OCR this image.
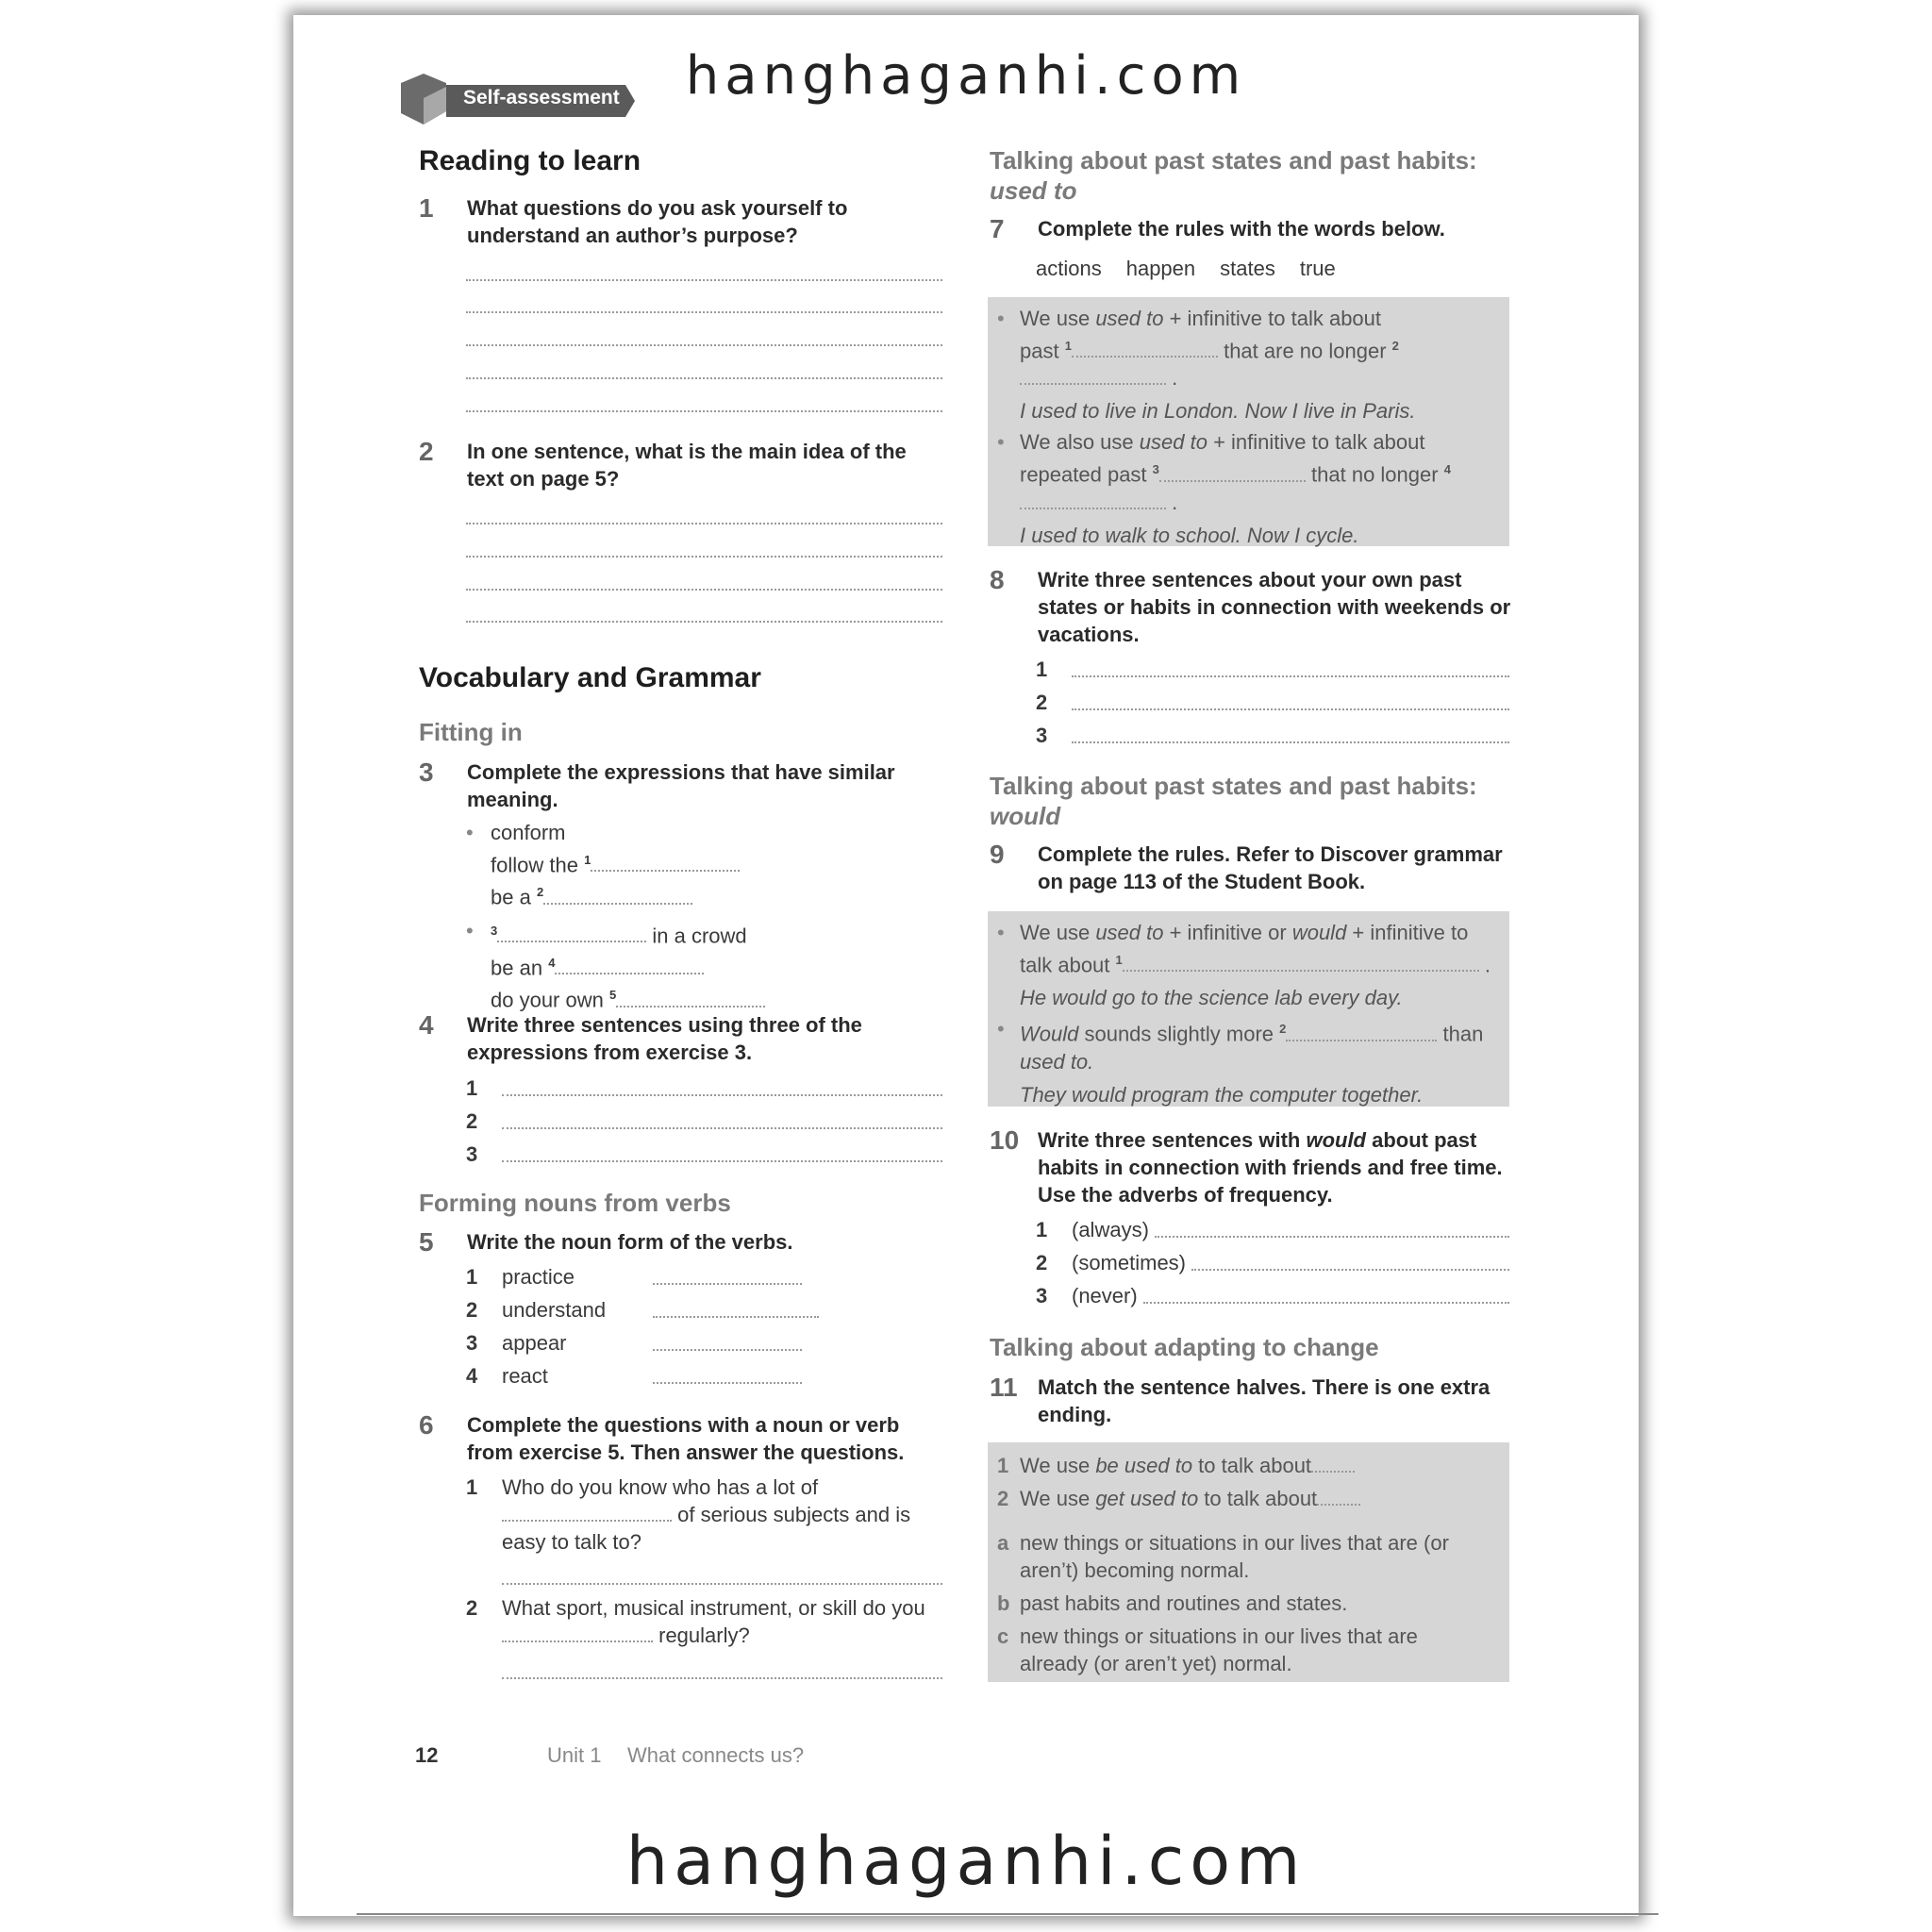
hanghaganhi.com
hanghaganhi.com
Self-assessment
Reading to learn
1	What questions do you ask yourself to understand an author’s purpose?
2	In one sentence, what is the main idea of the text on page 5?
Vocabulary and Grammar
Fitting in
3	Complete the expressions that have similar meaning.
• conform
follow the $^1$
be a $^2$
• $^3$	in a crowd
be an $^4$
do your own $^5$
4	Write three sentences using three of the expressions from exercise 3.
1
2
3
Forming nouns from verbs
5	Write the noun form of the verbs.
1	practice
2	understand
3	appear
4	react
6	Complete the questions with a noun or verb from exercise 5. Then answer the questions.
1	Who do you know who has a lot of  of serious subjects and is easy to talk to?
2	What sport, musical instrument, or skill do you  regularly?
12	Unit 1 What connects us?
Talking about past states and past habits:
used to
7	Complete the rules with the words below.
actions happen states true
• We use used to + infinitive to talk about past $^1$	that are no longer $^2$ .
I used to live in London. Now I live in Paris.
• We also use used to + infinitive to talk about repeated past $^3$	that no longer $^4$ .
I used to walk to school. Now I cycle.
8	Write three sentences about your own past states or habits in connection with weekends or vacations.
1
2
3
Talking about past states and past habits:
would
9	Complete the rules. Refer to Discover grammar on page 113 of the Student Book.
• We use used to + infinitive or would + infinitive to talk about $^1$	.
He would go to the science lab every day.
• Would sounds slightly more $^2$	than used to.
They would program the computer together.
10 Write three sentences with would about past habits in connection with friends and free time. Use the adverbs of frequency.
1	(always)
2	(sometimes)
3	(never)
Talking about adapting to change
11 Match the sentence halves. There is one extra ending.
1 We use be used to to talk about
2 We use get used to to talk about
a new things or situations in our lives that are (or aren’t) becoming normal.
b past habits and routines and states.
c new things or situations in our lives that are already (or aren’t yet) normal.
